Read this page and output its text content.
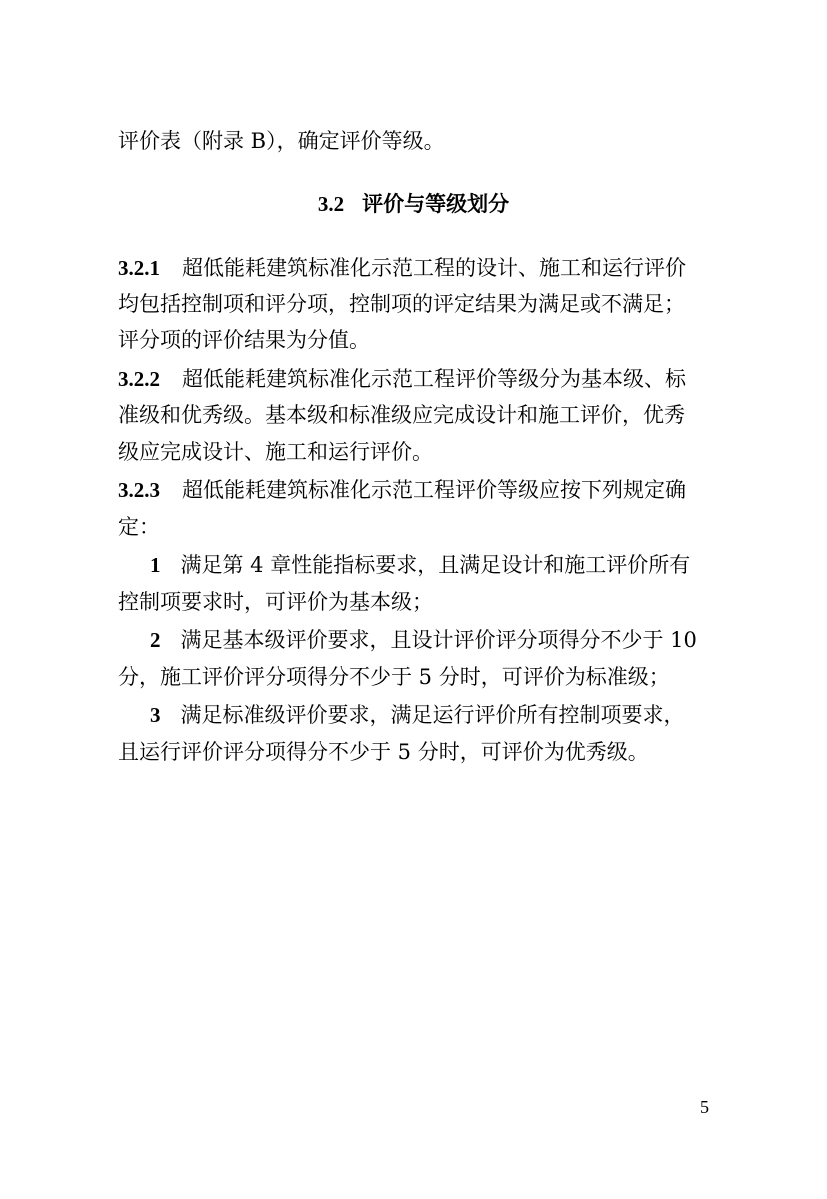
评价表（附录 B），确定评价等级。
3.2 评价与等级划分
3.2.1 超低能耗建筑标准化示范工程的设计、施工和运行评价
均包括控制项和评分项，控制项的评定结果为满足或不满足；
评分项的评价结果为分值。
3.2.2 超低能耗建筑标准化示范工程评价等级分为基本级、标
准级和优秀级。基本级和标准级应完成设计和施工评价，优秀
级应完成设计、施工和运行评价。
3.2.3 超低能耗建筑标准化示范工程评价等级应按下列规定确
定：
1 满足第 4 章性能指标要求，且满足设计和施工评价所有
控制项要求时，可评价为基本级；
2 满足基本级评价要求，且设计评价评分项得分不少于 10
分，施工评价评分项得分不少于 5 分时，可评价为标准级；
3 满足标准级评价要求，满足运行评价所有控制项要求，
且运行评价评分项得分不少于 5 分时，可评价为优秀级。
5
